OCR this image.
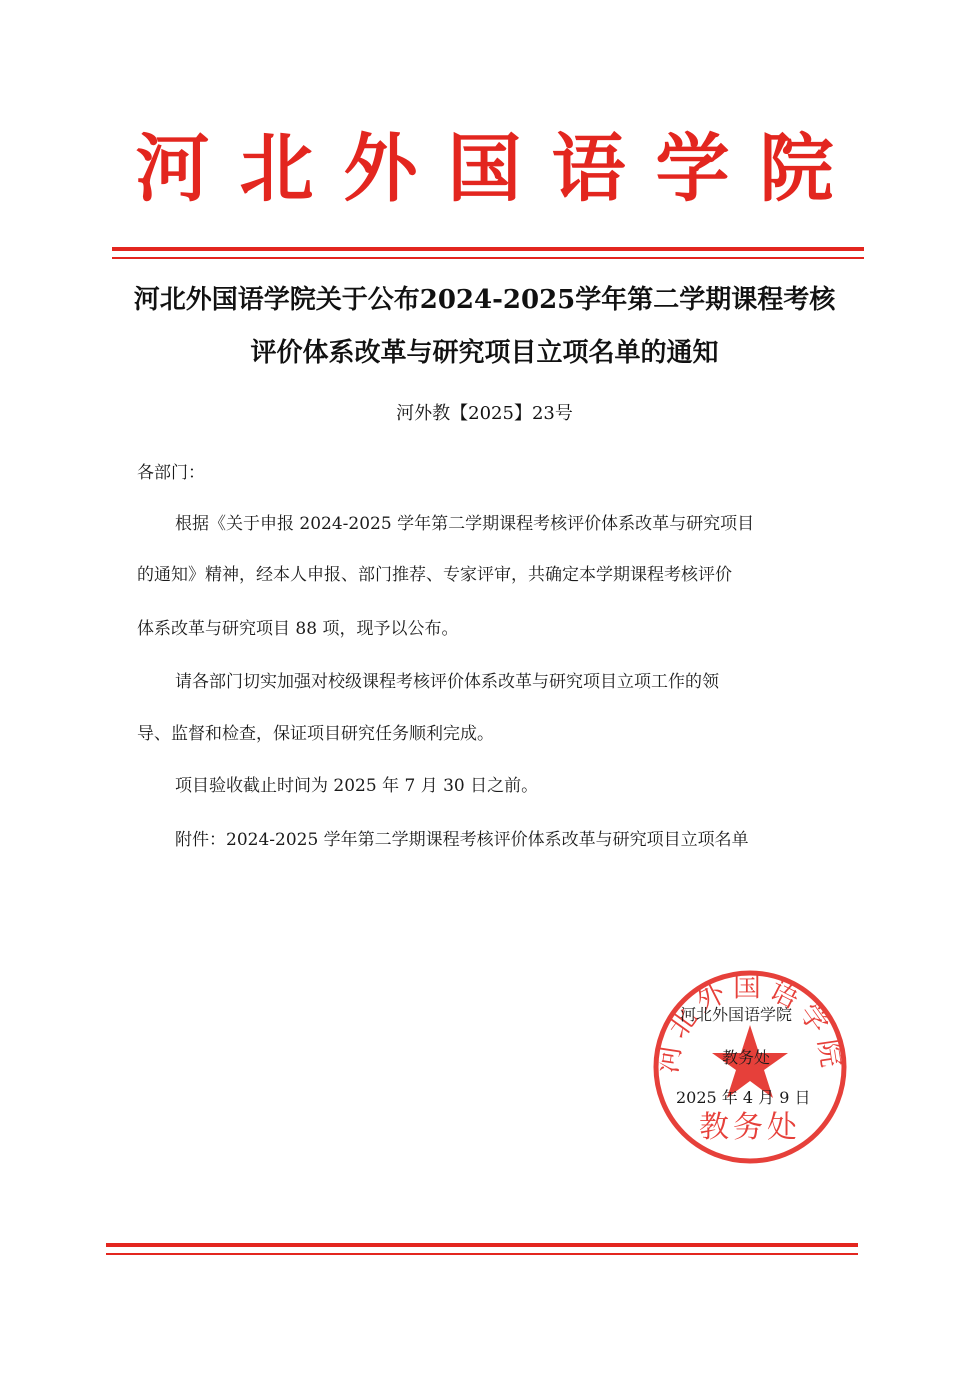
河北外国语学院
河北外国语学院关于公布2024-2025学年第二学期课程考核
评价体系改革与研究项目立项名单的通知
河外教【2025】23号
各部门：
根据《关于申报 2024-2025 学年第二学期课程考核评价体系改革与研究项目
的通知》精神，经本人申报、部门推荐、专家评审，共确定本学期课程考核评价
体系改革与研究项目 88 项，现予以公布。
请各部门切实加强对校级课程考核评价体系改革与研究项目立项工作的领
导、监督和检查，保证项目研究任务顺利完成。
项目验收截止时间为 2025 年 7 月 30 日之前。
附件：2024-2025 学年第二学期课程考核评价体系改革与研究项目立项名单
河北外国语学院
教务处
河北外国语学院
教务处
2025 年 4 月 9 日
